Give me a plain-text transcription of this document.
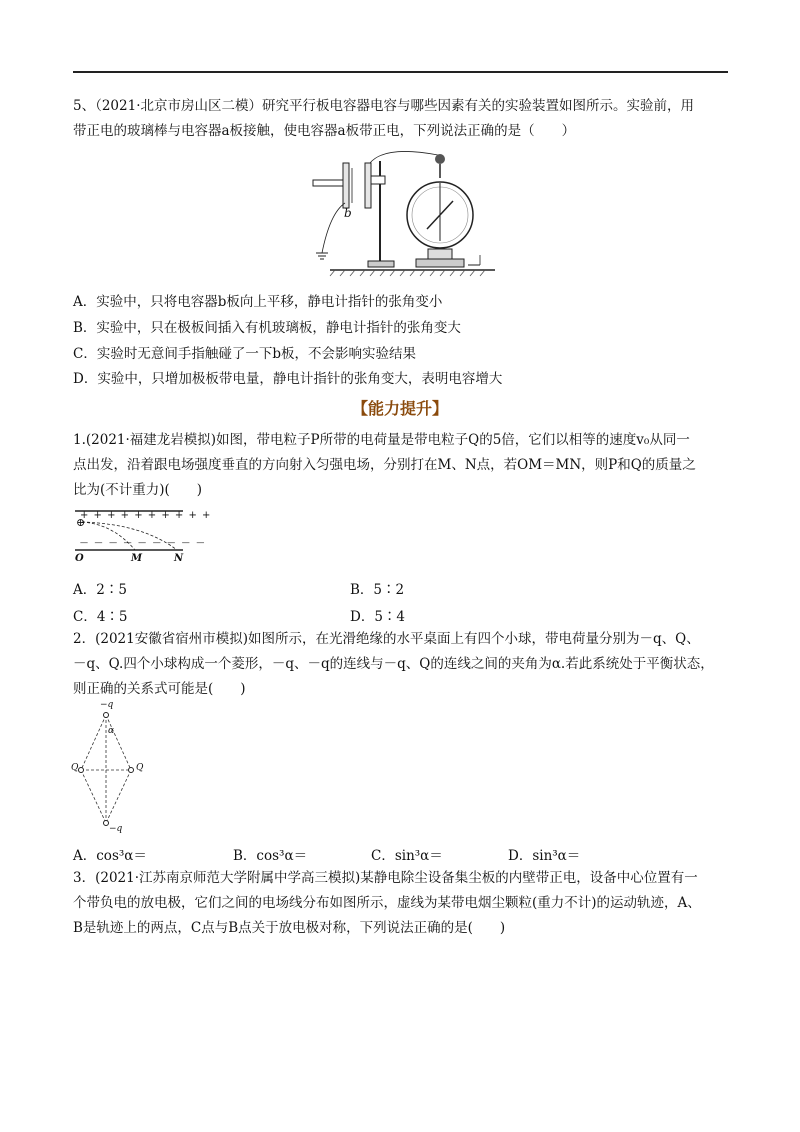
5、（2021·北京市房山区二模）研究平行板电容器电容与哪些因素有关的实验装置如图所示。实验前，用

带正电的玻璃棒与电容器a板接触，使电容器a板带正电，下列说法正确的是（　　）

b
A．实验中，只将电容器b板向上平移，静电计指针的张角变小
B．实验中，只在极板间插入有机玻璃板，静电计指针的张角变大
C．实验时无意间手指触碰了一下b板，不会影响实验结果
D．实验中，只增加极板带电量，静电计指针的张角变大，表明电容增大
【能力提升】

1.(2021·福建龙岩模拟)如图，带电粒子P所带的电荷量是带电粒子Q的5倍，它们以相等的速度v₀从同一

点出发，沿着跟电场强度垂直的方向射入匀强电场，分别打在M、N点，若OM＝MN，则P和Q的质量之

比为(不计重力)(　　)

+ + + + + + + + + +
⊕
— — — — — — — — —
O	M	N
A．2∶5	B．5∶2
C．4∶5	D．5∶4

2．(2021安徽省宿州市模拟)如图所示，在光滑绝缘的水平桌面上有四个小球，带电荷量分别为－q、Q、

－q、Q.四个小球构成一个菱形，－q、－q的连线与－q、Q的连线之间的夹角为α.若此系统处于平衡状态，

则正确的关系式可能是(　　)

−q
α
Q	Q
−q
A．cos³α＝	B．cos³α＝	C．sin³α＝	D．sin³α＝

3．(2021·江苏南京师范大学附属中学高三模拟)某静电除尘设备集尘板的内壁带正电，设备中心位置有一

个带负电的放电极，它们之间的电场线分布如图所示，虚线为某带电烟尘颗粒(重力不计)的运动轨迹，A、

B是轨迹上的两点，C点与B点关于放电极对称，下列说法正确的是(　　)
